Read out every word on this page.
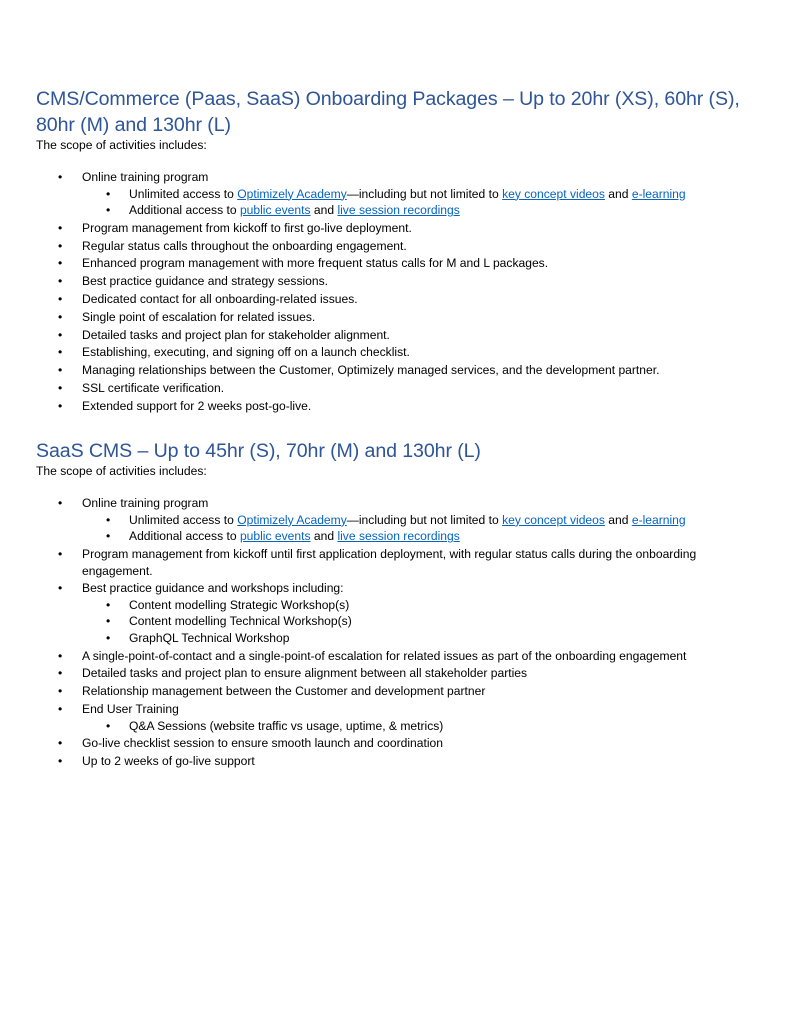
CMS/Commerce (Paas, SaaS) Onboarding Packages – Up to 20hr (XS), 60hr (S), 80hr (M) and 130hr (L)

The scope of activities includes:

• Online training program
• Unlimited access to Optimizely Academy—including but not limited to key concept videos and e-learning
• Additional access to public events and live session recordings
• Program management from kickoff to first go-live deployment.
• Regular status calls throughout the onboarding engagement.
• Enhanced program management with more frequent status calls for M and L packages.
• Best practice guidance and strategy sessions.
• Dedicated contact for all onboarding-related issues.
• Single point of escalation for related issues.
• Detailed tasks and project plan for stakeholder alignment.
• Establishing, executing, and signing off on a launch checklist.
• Managing relationships between the Customer, Optimizely managed services, and the development partner.
• SSL certificate verification.
• Extended support for 2 weeks post-go-live.
SaaS CMS – Up to 45hr (S), 70hr (M) and 130hr (L)

The scope of activities includes:

• Online training program
• Unlimited access to Optimizely Academy—including but not limited to key concept videos and e-learning
• Additional access to public events and live session recordings
• Program management from kickoff until first application deployment, with regular status calls during the onboarding engagement.
• Best practice guidance and workshops including:
• Content modelling Strategic Workshop(s)
• Content modelling Technical Workshop(s)
• GraphQL Technical Workshop
• A single-point-of-contact and a single-point-of escalation for related issues as part of the onboarding engagement
• Detailed tasks and project plan to ensure alignment between all stakeholder parties
• Relationship management between the Customer and development partner
• End User Training
• Q&A Sessions (website traffic vs usage, uptime, & metrics)
• Go-live checklist session to ensure smooth launch and coordination
• Up to 2 weeks of go-live support
